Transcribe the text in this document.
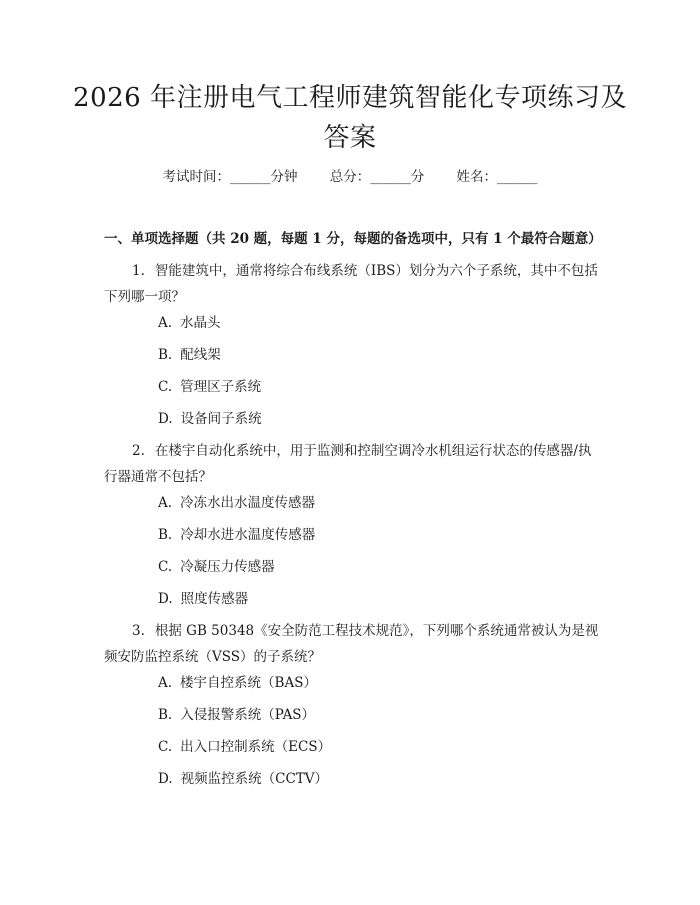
2026 年注册电气工程师建筑智能化专项练习及答案
考试时间：______分钟 总分：______分 姓名：______
一、单项选择题（共 20 题，每题 1 分，每题的备选项中，只有 1 个最符合题意）
1. 智能建筑中，通常将综合布线系统（IBS）划分为六个子系统，其中不包括下列哪一项？
A. 水晶头
B. 配线架
C. 管理区子系统
D. 设备间子系统
2. 在楼宇自动化系统中，用于监测和控制空调冷水机组运行状态的传感器/执行器通常不包括？
A. 冷冻水出水温度传感器
B. 冷却水进水温度传感器
C. 冷凝压力传感器
D. 照度传感器
3. 根据 GB 50348《安全防范工程技术规范》，下列哪个系统通常被认为是视频安防监控系统（VSS）的子系统？
A. 楼宇自控系统（BAS）
B. 入侵报警系统（PAS）
C. 出入口控制系统（ECS）
D. 视频监控系统（CCTV）
